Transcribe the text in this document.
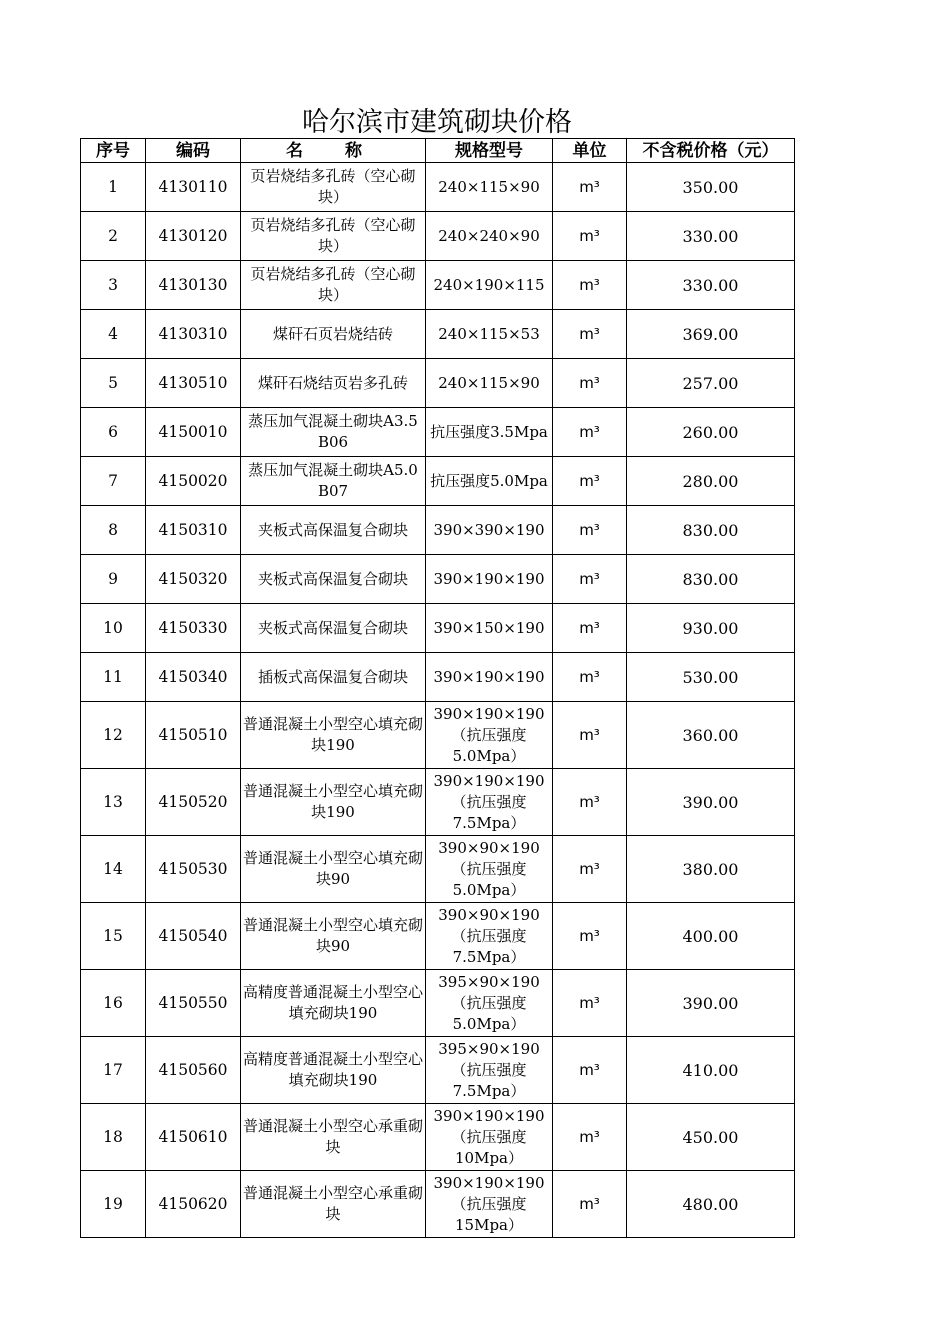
哈尔滨市建筑砌块价格
序号	编码	名 称	规格型号	单位	不含税价格（元）
1	4130110	页岩烧结多孔砖（空心砌块）	240×115×90	m³	350.00
2	4130120	页岩烧结多孔砖（空心砌块）	240×240×90	m³	330.00
3	4130130	页岩烧结多孔砖（空心砌块）	240×190×115	m³	330.00
4	4130310	煤矸石页岩烧结砖	240×115×53	m³	369.00
5	4130510	煤矸石烧结页岩多孔砖	240×115×90	m³	257.00
6	4150010	蒸压加气混凝土砌块A3.5 B06	抗压强度3.5Mpa	m³	260.00
7	4150020	蒸压加气混凝土砌块A5.0 B07	抗压强度5.0Mpa	m³	280.00
8	4150310	夹板式高保温复合砌块	390×390×190	m³	830.00
9	4150320	夹板式高保温复合砌块	390×190×190	m³	830.00
10	4150330	夹板式高保温复合砌块	390×150×190	m³	930.00
11	4150340	插板式高保温复合砌块	390×190×190	m³	530.00
12	4150510	普通混凝土小型空心填充砌块190	390×190×190（抗压强度5.0Mpa）	m³	360.00
13	4150520	普通混凝土小型空心填充砌块190	390×190×190（抗压强度7.5Mpa）	m³	390.00
14	4150530	普通混凝土小型空心填充砌块90	390×90×190（抗压强度5.0Mpa）	m³	380.00
15	4150540	普通混凝土小型空心填充砌块90	390×90×190（抗压强度7.5Mpa）	m³	400.00
16	4150550	高精度普通混凝土小型空心填充砌块190	395×90×190（抗压强度5.0Mpa）	m³	390.00
17	4150560	高精度普通混凝土小型空心填充砌块190	395×90×190（抗压强度7.5Mpa）	m³	410.00
18	4150610	普通混凝土小型空心承重砌块	390×190×190（抗压强度10Mpa）	m³	450.00
19	4150620	普通混凝土小型空心承重砌块	390×190×190（抗压强度15Mpa）	m³	480.00
